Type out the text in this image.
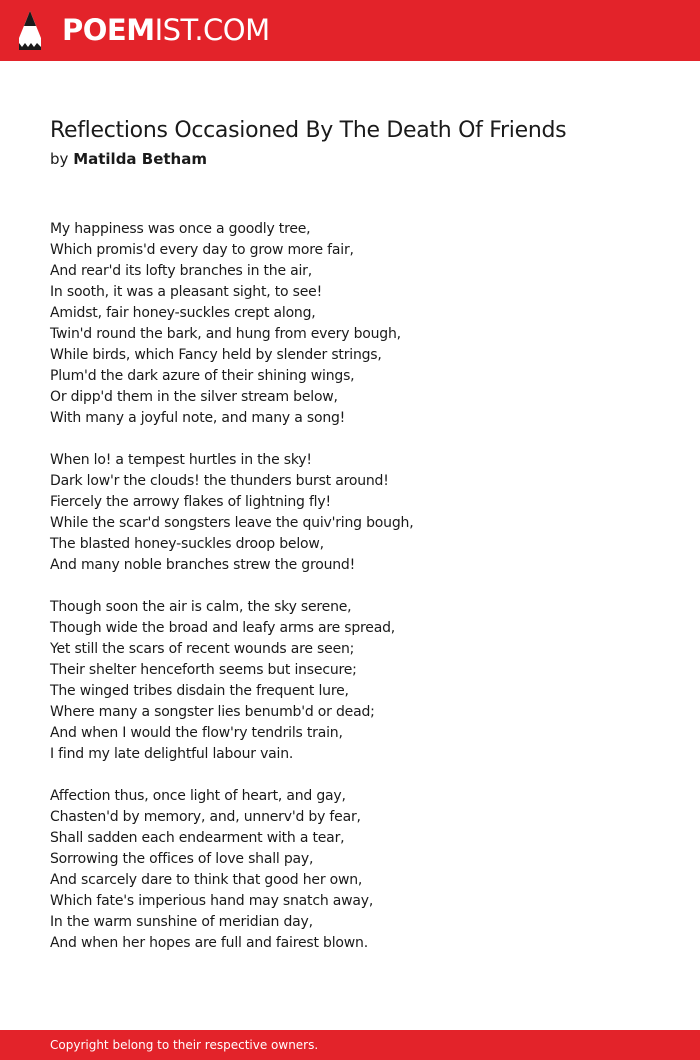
POEMIST.COM
Reflections Occasioned By The Death Of Friends
by Matilda Betham
My happiness was once a goodly tree,
Which promis'd every day to grow more fair,
And rear'd its lofty branches in the air,
In sooth, it was a pleasant sight, to see!
Amidst, fair honey-suckles crept along,
Twin'd round the bark, and hung from every bough,
While birds, which Fancy held by slender strings,
Plum'd the dark azure of their shining wings,
Or dipp'd them in the silver stream below,
With many a joyful note, and many a song!
When lo! a tempest hurtles in the sky!
Dark low'r the clouds! the thunders burst around!
Fiercely the arrowy flakes of lightning fly!
While the scar'd songsters leave the quiv'ring bough,
The blasted honey-suckles droop below,
And many noble branches strew the ground!
Though soon the air is calm, the sky serene,
Though wide the broad and leafy arms are spread,
Yet still the scars of recent wounds are seen;
Their shelter henceforth seems but insecure;
The winged tribes disdain the frequent lure,
Where many a songster lies benumb'd or dead;
And when I would the flow'ry tendrils train,
I find my late delightful labour vain.
Affection thus, once light of heart, and gay,
Chasten'd by memory, and, unnerv'd by fear,
Shall sadden each endearment with a tear,
Sorrowing the offices of love shall pay,
And scarcely dare to think that good her own,
Which fate's imperious hand may snatch away,
In the warm sunshine of meridian day,
And when her hopes are full and fairest blown.
Copyright belong to their respective owners.
